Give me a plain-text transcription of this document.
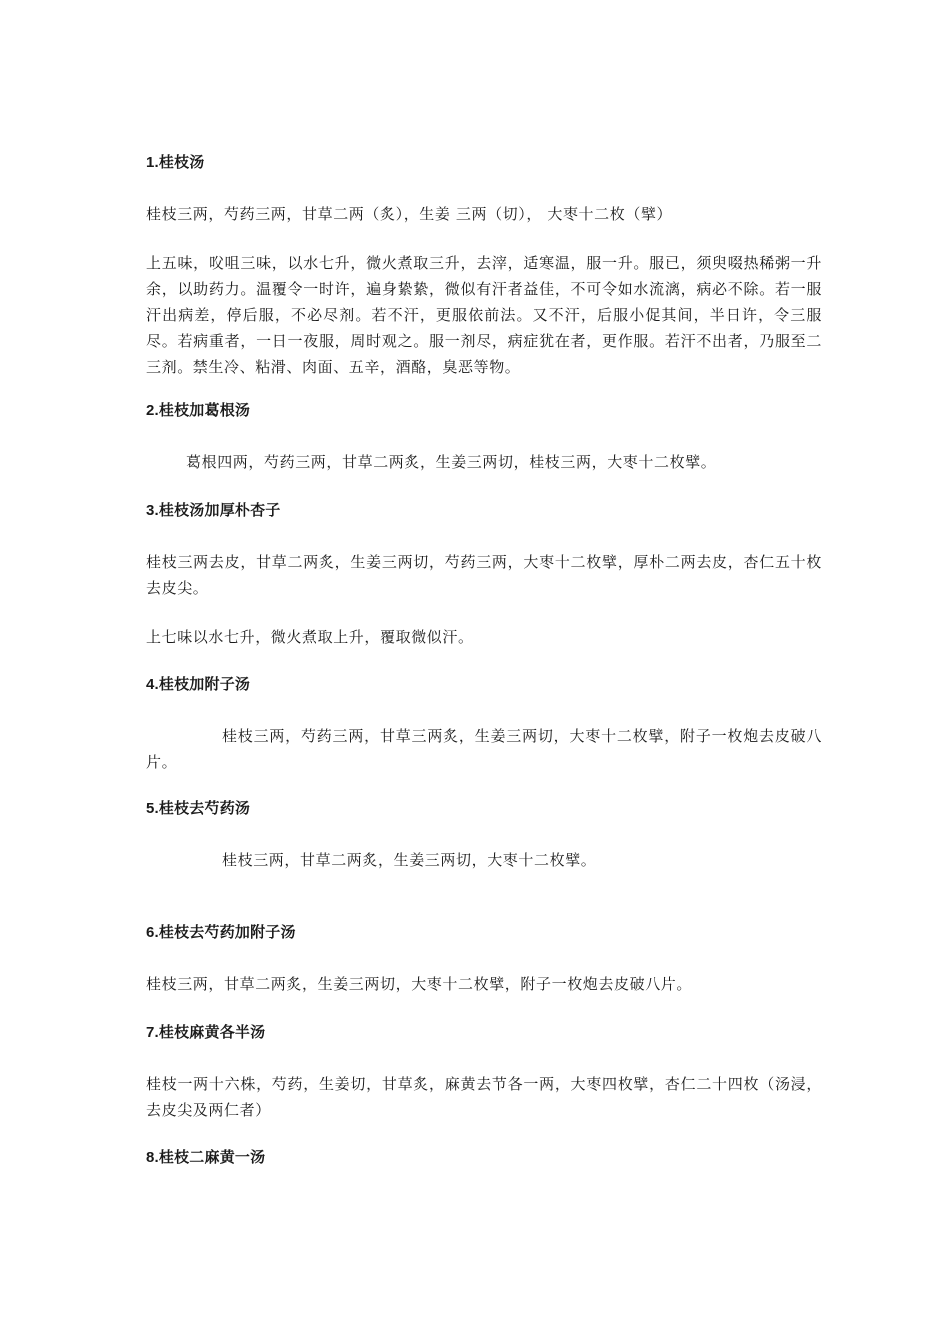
1.桂枝汤

桂枝三两，芍药三两，甘草二两（炙），生姜 三两（切）， 大枣十二枚（擘）

上五味，㕮咀三味，以水七升，微火煮取三升，去滓，适寒温，服一升。服已，须臾啜热稀粥一升余，以助药力。温覆令一时许，遍身絷絷，微似有汗者益佳，不可令如水流漓，病必不除。若一服汗出病差，停后服，不必尽剂。若不汗，更服依前法。又不汗，后服小促其间，半日许，令三服尽。若病重者，一日一夜服，周时观之。服一剂尽，病症犹在者，更作服。若汗不出者，乃服至二三剂。禁生冷、粘滑、肉面、五辛，酒酪，臭恶等物。

2.桂枝加葛根汤

葛根四两，芍药三两，甘草二两炙，生姜三两切，桂枝三两，大枣十二枚擘。

3.桂枝汤加厚朴杏子

桂枝三两去皮，甘草二两炙，生姜三两切，芍药三两，大枣十二枚擘，厚朴二两去皮，杏仁五十枚去皮尖。

上七味以水七升，微火煮取上升，覆取微似汗。

4.桂枝加附子汤

桂枝三两，芍药三两，甘草三两炙，生姜三两切，大枣十二枚擘，附子一枚炮去皮破八片。

5.桂枝去芍药汤

桂枝三两，甘草二两炙，生姜三两切，大枣十二枚擘。

6.桂枝去芍药加附子汤

桂枝三两，甘草二两炙，生姜三两切，大枣十二枚擘，附子一枚炮去皮破八片。

7.桂枝麻黄各半汤

桂枝一两十六株，芍药，生姜切，甘草炙，麻黄去节各一两，大枣四枚擘，杏仁二十四枚（汤浸，去皮尖及两仁者）

8.桂枝二麻黄一汤
